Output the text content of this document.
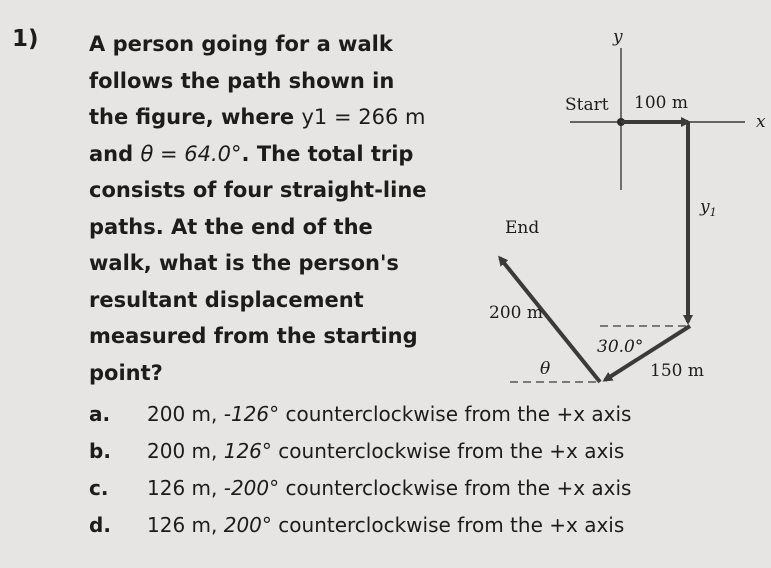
1) A person going for a walk
follows the path shown in
the figure, where y1 = 266 m
and θ = 64.0°. The total trip
consists of four straight-line
paths. At the end of the
walk, what is the person's
resultant displacement
measured from the starting
point?
y
x
Start 100 m
$y_1$
30.0°
150 m
θ
200 m
End
a. 200 m, -126° counterclockwise from the +x axis
b. 200 m, 126° counterclockwise from the +x axis
c. 126 m, -200° counterclockwise from the +x axis
d. 126 m, 200° counterclockwise from the +x axis
